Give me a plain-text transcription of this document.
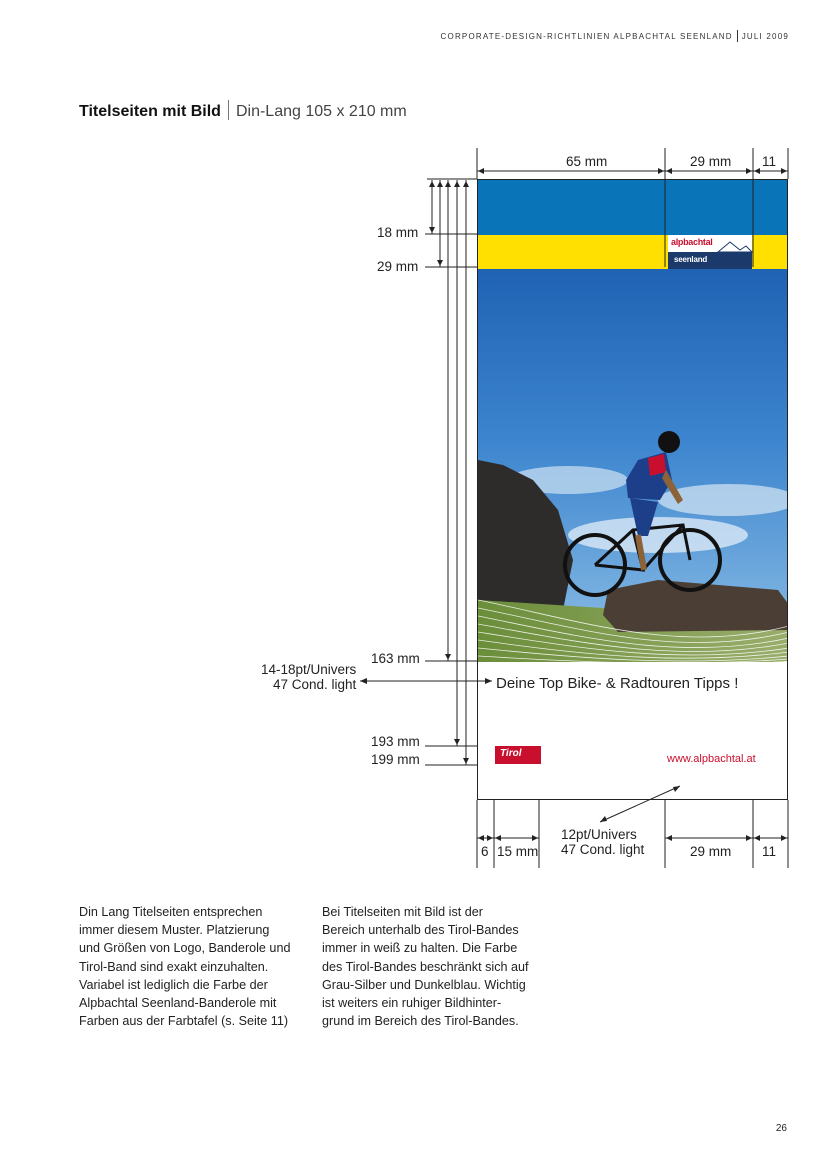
CORPORATE-DESIGN-RICHTLINIEN ALPBACHTAL SEENLAND JULI 2009
Titelseiten mit Bild Din-Lang 105 x 210 mm
alpbachtal
seenland
Deine Top Bike- & Radtouren Tipps !
Tirol	www.alpbachtal.at
65 mm	29 mm 11
18 mm
29 mm
163 mm
193 mm
199 mm
14-18pt/Univers
47 Cond. light
6 15 mm	29 mm 11
12pt/Univers
47 Cond. light
Din Lang Titelseiten entsprechen
immer diesem Muster. Platzierung
und Größen von Logo, Banderole und
Tirol-Band sind exakt einzuhalten.
Variabel ist lediglich die Farbe der
Alpbachtal Seenland-Banderole mit
Farben aus der Farbtafel (s. Seite 11)
Bei Titelseiten mit Bild ist der
Bereich unterhalb des Tirol-Bandes
immer in weiß zu halten. Die Farbe
des Tirol-Bandes beschränkt sich auf
Grau-Silber und Dunkelblau. Wichtig
ist weiters ein ruhiger Bildhinter-
grund im Bereich des Tirol-Bandes.
26
